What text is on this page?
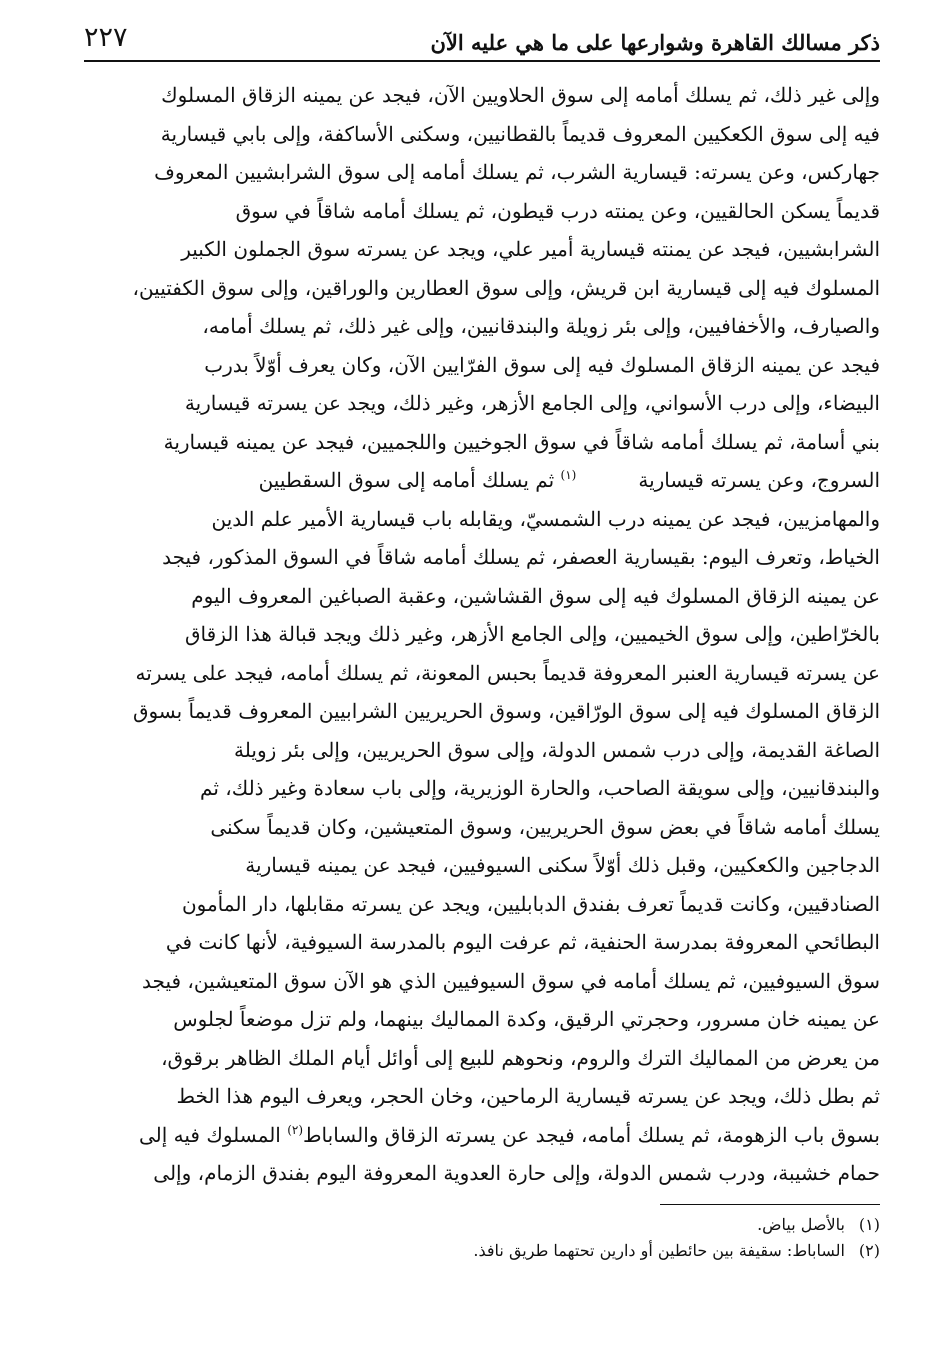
ذكر مسالك القاهرة وشوارعها على ما هي عليه الآن
٢٢٧
وإلى غير ذلك، ثم يسلك أمامه إلى سوق الحلاويين الآن، فيجد عن يمينه الزقاق المسلوك
فيه إلى سوق الكعكيين المعروف قديماً بالقطانيين، وسكنى الأساكفة، وإلى بابي قيسارية
جهاركس، وعن يسرته: قيسارية الشرب، ثم يسلك أمامه إلى سوق الشرابشيين المعروف
قديماً يسكن الحالقيين، وعن يمنته درب قيطون، ثم يسلك أمامه شاقاً في سوق
الشرابشيين، فيجد عن يمنته قيسارية أمير علي، ويجد عن يسرته سوق الجملون الكبير
المسلوك فيه إلى قيسارية ابن قريش، وإلى سوق العطارين والوراقين، وإلى سوق الكفتيين،
والصيارف، والأخفافيين، وإلى بئر زويلة والبندقانيين، وإلى غير ذلك، ثم يسلك أمامه،
فيجد عن يمينه الزقاق المسلوك فيه إلى سوق الفرّايين الآن، وكان يعرف أوّلاً بدرب
البيضاء، وإلى درب الأسواني، وإلى الجامع الأزهر، وغير ذلك، ويجد عن يسرته قيسارية
بني أسامة، ثم يسلك أمامه شاقاً في سوق الجوخيين واللجميين، فيجد عن يمينه قيسارية
السروج، وعن يسرته قيسارية$^{(١)}$ ثم يسلك أمامه إلى سوق السقطيين
والمهامزيين، فيجد عن يمينه درب الشمسيّ، ويقابله باب قيسارية الأمير علم الدين
الخياط، وتعرف اليوم: بقيسارية العصفر، ثم يسلك أمامه شاقاً في السوق المذكور، فيجد
عن يمينه الزقاق المسلوك فيه إلى سوق القشاشين، وعقبة الصباغين المعروف اليوم
بالخرّاطين، وإلى سوق الخيميين، وإلى الجامع الأزهر، وغير ذلك ويجد قبالة هذا الزقاق
عن يسرته قيسارية العنبر المعروفة قديماً بحبس المعونة، ثم يسلك أمامه، فيجد على يسرته
الزقاق المسلوك فيه إلى سوق الورّاقين، وسوق الحريريين الشرابيين المعروف قديماً بسوق
الصاغة القديمة، وإلى درب شمس الدولة، وإلى سوق الحريريين، وإلى بئر زويلة
والبندقانيين، وإلى سويقة الصاحب، والحارة الوزيرية، وإلى باب سعادة وغير ذلك، ثم
يسلك أمامه شاقاً في بعض سوق الحريريين، وسوق المتعيشين، وكان قديماً سكنى
الدجاجين والكعكيين، وقبل ذلك أوّلاً سكنى السيوفيين، فيجد عن يمينه قيسارية
الصنادقيين، وكانت قديماً تعرف بفندق الدبابليين، ويجد عن يسرته مقابلها، دار المأمون
البطائحي المعروفة بمدرسة الحنفية، ثم عرفت اليوم بالمدرسة السيوفية، لأنها كانت في
سوق السيوفيين، ثم يسلك أمامه في سوق السيوفيين الذي هو الآن سوق المتعيشين، فيجد
عن يمينه خان مسرور، وحجرتي الرقيق، وكدة المماليك بينهما، ولم تزل موضعاً لجلوس
من يعرض من المماليك الترك والروم، ونحوهم للبيع إلى أوائل أيام الملك الظاهر برقوق،
ثم بطل ذلك، ويجد عن يسرته قيسارية الرماحين، وخان الحجر، ويعرف اليوم هذا الخط
بسوق باب الزهومة، ثم يسلك أمامه، فيجد عن يسرته الزقاق والساباط$^{(٢)}$ المسلوك فيه إلى
حمام خشيبة، ودرب شمس الدولة، وإلى حارة العدوية المعروفة اليوم بفندق الزمام، وإلى
(١)بالأصل بياض.
(٢)الساباط: سقيفة بين حائطين أو دارين تحتهما طريق نافذ.
